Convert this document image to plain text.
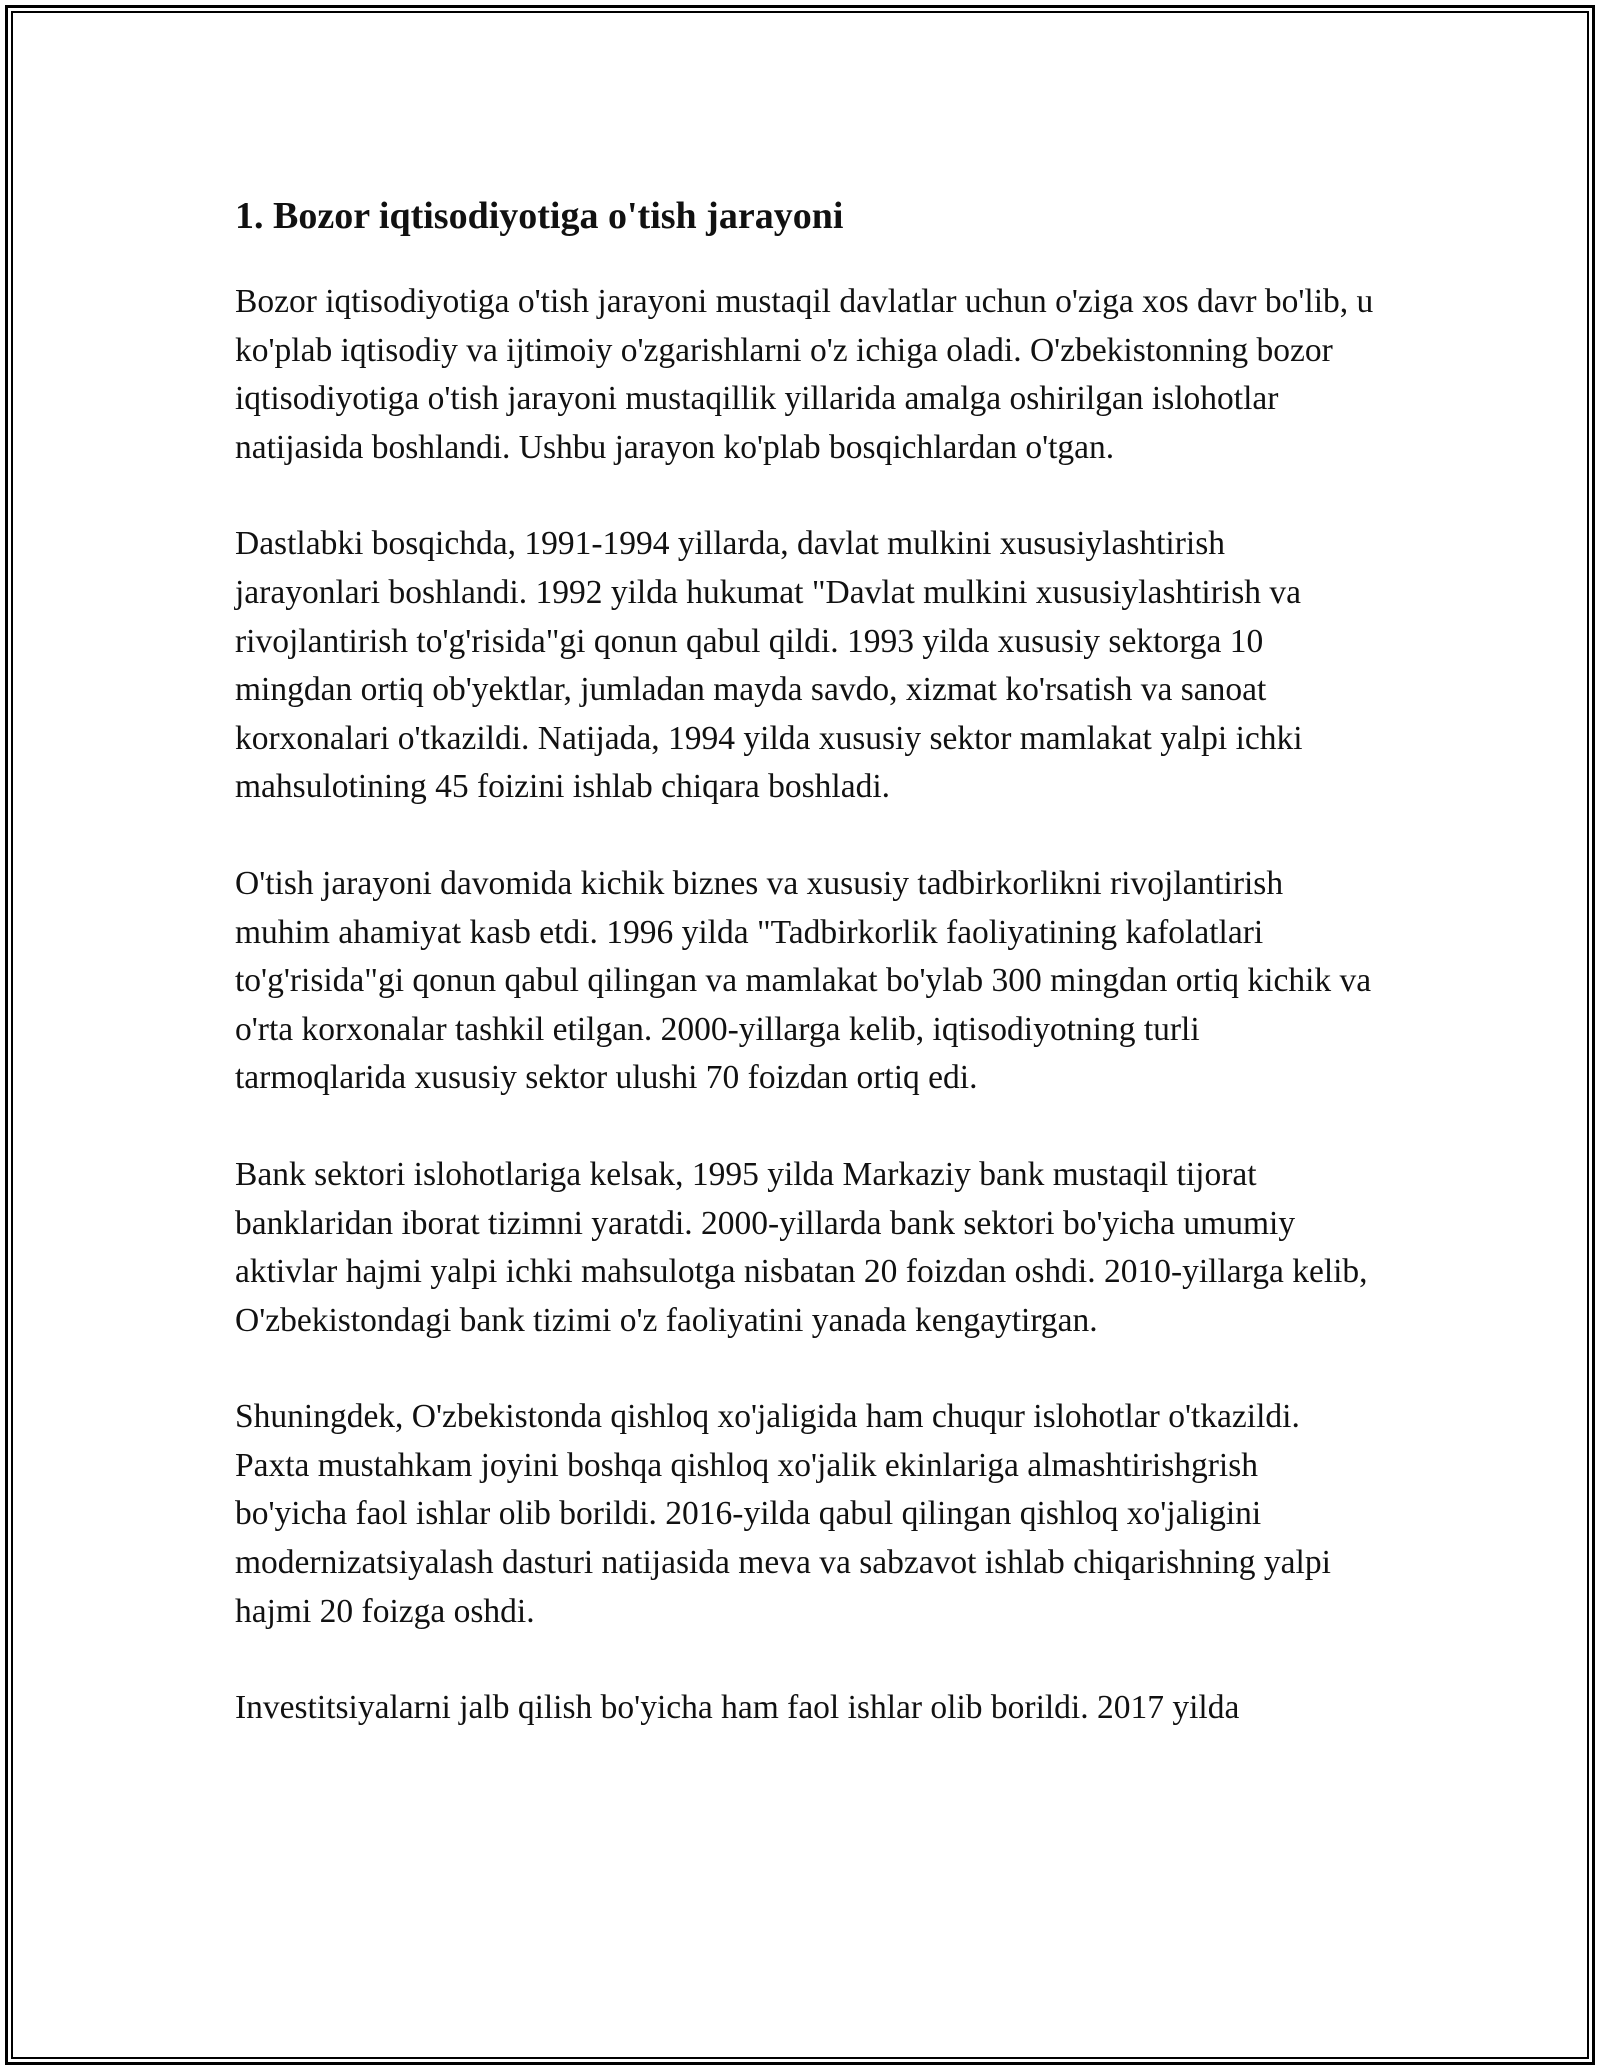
1. Bozor iqtisodiyotiga o'tish jarayoni

Bozor iqtisodiyotiga o'tish jarayoni mustaqil davlatlar uchun o'ziga xos davr bo'lib, u ko'plab iqtisodiy va ijtimoiy o'zgarishlarni o'z ichiga oladi. O'zbekistonning bozor iqtisodiyotiga o'tish jarayoni mustaqillik yillarida amalga oshirilgan islohotlar natijasida boshlandi. Ushbu jarayon ko'plab bosqichlardan o'tgan.

Dastlabki bosqichda, 1991-1994 yillarda, davlat mulkini xususiylashtirish jarayonlari boshlandi. 1992 yilda hukumat "Davlat mulkini xususiylashtirish va rivojlantirish to'g'risida"gi qonun qabul qildi. 1993 yilda xususiy sektorga 10 mingdan ortiq ob'yektlar, jumladan mayda savdo, xizmat ko'rsatish va sanoat korxonalari o'tkazildi. Natijada, 1994 yilda xususiy sektor mamlakat yalpi ichki mahsulotining 45 foizini ishlab chiqara boshladi.

O'tish jarayoni davomida kichik biznes va xususiy tadbirkorlikni rivojlantirish muhim ahamiyat kasb etdi. 1996 yilda "Tadbirkorlik faoliyatining kafolatlari to'g'risida"gi qonun qabul qilingan va mamlakat bo'ylab 300 mingdan ortiq kichik va o'rta korxonalar tashkil etilgan. 2000-yillarga kelib, iqtisodiyotning turli tarmoqlarida xususiy sektor ulushi 70 foizdan ortiq edi.

Bank sektori islohotlariga kelsak, 1995 yilda Markaziy bank mustaqil tijorat banklaridan iborat tizimni yaratdi. 2000-yillarda bank sektori bo'yicha umumiy aktivlar hajmi yalpi ichki mahsulotga nisbatan 20 foizdan oshdi. 2010-yillarga kelib, O'zbekistondagi bank tizimi o'z faoliyatini yanada kengaytirgan.

Shuningdek, O'zbekistonda qishloq xo'jaligida ham chuqur islohotlar o'tkazildi. Paxta mustahkam joyini boshqa qishloq xo'jalik ekinlariga almashtirishgrish bo'yicha faol ishlar olib borildi. 2016-yilda qabul qilingan qishloq xo'jaligini modernizatsiyalash dasturi natijasida meva va sabzavot ishlab chiqarishning yalpi hajmi 20 foizga oshdi.

Investitsiyalarni jalb qilish bo'yicha ham faol ishlar olib borildi. 2017 yilda
